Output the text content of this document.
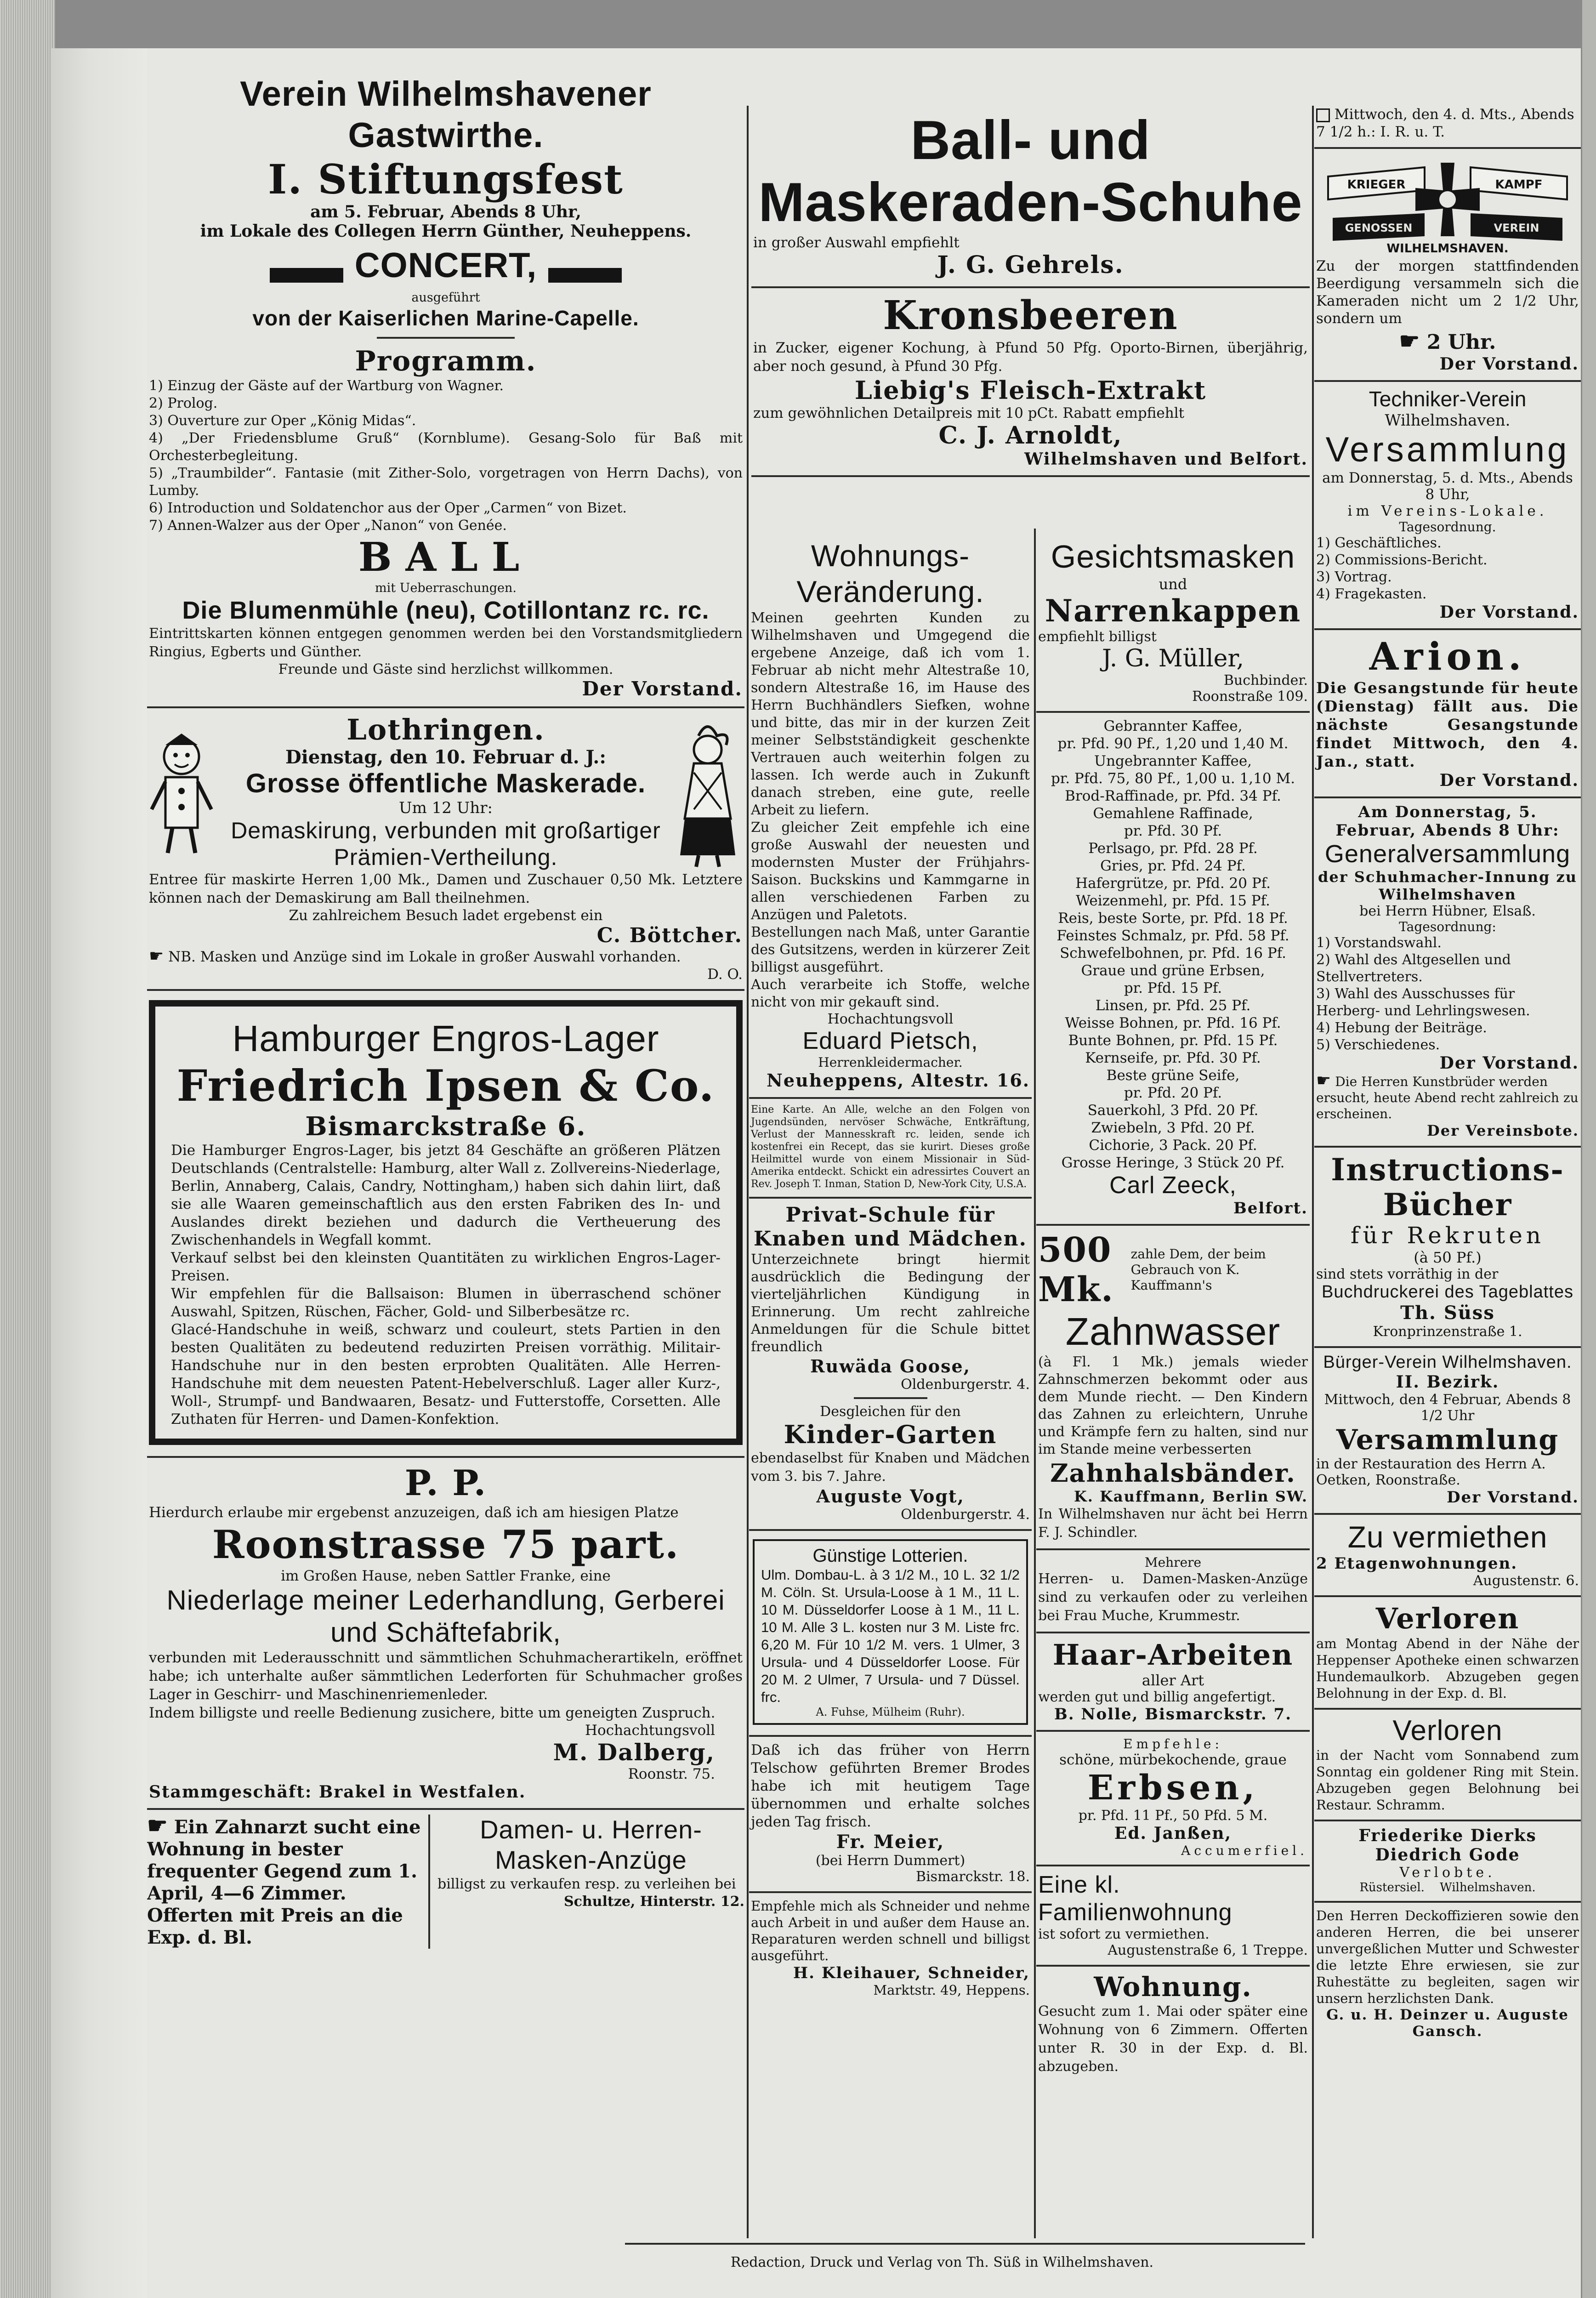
Verein Wilhelmshavener Gastwirthe.
I. Stiftungsfest
am 5. Februar, Abends 8 Uhr,
im Lokale des Collegen Herrn Günther, Neuheppens.
CONCERT,
ausgeführt
von der Kaiserlichen Marine-Capelle.
Programm.

1) Einzug der Gäste auf der Wartburg von Wagner.

2) Prolog.

3) Ouverture zur Oper „König Midas“.

4) „Der Friedensblume Gruß“ (Kornblume). Gesang-Solo für Baß mit Orchesterbegleitung.

5) „Traumbilder“. Fantasie (mit Zither-Solo, vorgetragen von Herrn Dachs), von Lumby.

6) Introduction und Soldatenchor aus der Oper „Carmen“ von Bizet.

7) Annen-Walzer aus der Oper „Nanon“ von Genée.

BALL
mit Ueberraschungen.
Die Blumenmühle (neu), Cotillontanz rc. rc.
Eintrittskarten können entgegen genommen werden bei den Vorstandsmitgliedern Ringius, Egberts und Günther.
Freunde und Gäste sind herzlichst willkommen.
Der Vorstand.
Lothringen.
Dienstag, den 10. Februar d. J.:
Grosse öffentliche Maskerade.
Um 12 Uhr:
Demaskirung, verbunden mit großartiger Prämien-Vertheilung.
Entree für maskirte Herren 1,00 Mk., Damen und Zuschauer 0,50 Mk. Letztere können nach der Demaskirung am Ball theilnehmen.
Zu zahlreichem Besuch ladet ergebenst ein
C. Böttcher.
☛ NB. Masken und Anzüge sind im Lokale in großer Auswahl vorhanden.
D. O.
Hamburger Engros-Lager
Friedrich Ipsen & Co.
Bismarckstraße 6.
Die Hamburger Engros-Lager, bis jetzt 84 Geschäfte an größeren Plätzen Deutschlands (Centralstelle: Hamburg, alter Wall z. Zollvereins-Niederlage, Berlin, Annaberg, Calais, Candry, Nottingham,) haben sich dahin liirt, daß sie alle Waaren gemeinschaftlich aus den ersten Fabriken des In- und Auslandes direkt beziehen und dadurch die Vertheuerung des Zwischenhandels in Wegfall kommt.
Verkauf selbst bei den kleinsten Quantitäten zu wirklichen Engros-Lager-Preisen.
Wir empfehlen für die Ballsaison: Blumen in überraschend schöner Auswahl, Spitzen, Rüschen, Fächer, Gold- und Silberbesätze rc.
Glacé-Handschuhe in weiß, schwarz und couleurt, stets Partien in den besten Qualitäten zu bedeutend reduzirten Preisen vorräthig. Militair-Handschuhe nur in den besten erprobten Qualitäten. Alle Herren-Handschuhe mit dem neuesten Patent-Hebelverschluß. Lager aller Kurz-, Woll-, Strumpf- und Bandwaaren, Besatz- und Futterstoffe, Corsetten. Alle Zuthaten für Herren- und Damen-Konfektion.
P. P.
Hierdurch erlaube mir ergebenst anzuzeigen, daß ich am hiesigen Platze
Roonstrasse 75 part.
im Großen Hause, neben Sattler Franke, eine
Niederlage meiner Lederhandlung, Gerberei und Schäftefabrik,
verbunden mit Lederausschnitt und sämmtlichen Schuhmacherartikeln, eröffnet habe; ich unterhalte außer sämmtlichen Lederforten für Schuhmacher großes Lager in Geschirr- und Maschinenriemenleder.
Indem billigste und reelle Bedienung zusichere, bitte um geneigten Zuspruch.
Hochachtungsvoll
M. Dalberg,
Roonstr. 75.
Stammgeschäft: Brakel in Westfalen.
☛ Ein Zahnarzt sucht eine Wohnung in bester frequenter Gegend zum 1. April, 4—6 Zimmer. Offerten mit Preis an die Exp. d. Bl.
Damen- u. Herren-Masken-Anzüge
billigst zu verkaufen resp. zu verleihen bei
Schultze, Hinterstr. 12.
Ball- und
Maskeraden-Schuhe
in großer Auswahl empfiehlt
J. G. Gehrels.
Kronsbeeren
in Zucker, eigener Kochung, à Pfund 50 Pfg. Oporto-Birnen, überjährig, aber noch gesund, à Pfund 30 Pfg.
Liebig's Fleisch-Extrakt
zum gewöhnlichen Detailpreis mit 10 pCt. Rabatt empfiehlt
C. J. Arnoldt,
Wilhelmshaven und Belfort.
Wohnungs-Veränderung.
Meinen geehrten Kunden zu Wilhelmshaven und Umgegend die ergebene Anzeige, daß ich vom 1. Februar ab nicht mehr Altestraße 10, sondern Altestraße 16, im Hause des Herrn Buchhändlers Siefken, wohne und bitte, das mir in der kurzen Zeit meiner Selbstständigkeit geschenkte Vertrauen auch weiterhin folgen zu lassen. Ich werde auch in Zukunft danach streben, eine gute, reelle Arbeit zu liefern.
Zu gleicher Zeit empfehle ich eine große Auswahl der neuesten und modernsten Muster der Frühjahrs-Saison. Buckskins und Kammgarne in allen verschiedenen Farben zu Anzügen und Paletots.
Bestellungen nach Maß, unter Garantie des Gutsitzens, werden in kürzerer Zeit billigst ausgeführt.
Auch verarbeite ich Stoffe, welche nicht von mir gekauft sind.
Hochachtungsvoll
Eduard Pietsch,
Herrenkleidermacher.
Neuheppens, Altestr. 16.
Eine Karte. An Alle, welche an den Folgen von Jugendsünden, nervöser Schwäche, Entkräftung, Verlust der Mannesskraft rc. leiden, sende ich kostenfrei ein Recept, das sie kurirt. Dieses große Heilmittel wurde von einem Missionair in Süd-Amerika entdeckt. Schickt ein adressirtes Couvert an Rev. Joseph T. Inman, Station D, New-York City, U.S.A.
Privat-Schule für Knaben und Mädchen.
Unterzeichnete bringt hiermit ausdrücklich die Bedingung der vierteljährlichen Kündigung in Erinnerung. Um recht zahlreiche Anmeldungen für die Schule bittet freundlich
Ruwäda Goose,
Oldenburgerstr. 4.
Desgleichen für den
Kinder-Garten
ebendaselbst für Knaben und Mädchen vom 3. bis 7. Jahre.
Auguste Vogt,
Oldenburgerstr. 4.
Günstige Lotterien.
Ulm. Dombau-L. à 3 1/2 M., 10 L. 32 1/2 M. Cöln. St. Ursula-Loose à 1 M., 11 L. 10 M. Düsseldorfer Loose à 1 M., 11 L. 10 M. Alle 3 L. kosten nur 3 M. Liste frc. 6,20 M. Für 10 1/2 M. vers. 1 Ulmer, 3 Ursula- und 4 Düsseldorfer Loose. Für 20 M. 2 Ulmer, 7 Ursula- und 7 Düssel. frc.
A. Fuhse, Mülheim (Ruhr).
Daß ich das früher von Herrn Telschow geführten Bremer Brodes habe ich mit heutigem Tage übernommen und erhalte solches jeden Tag frisch.
Fr. Meier,
(bei Herrn Dummert)
Bismarckstr. 18.
Empfehle mich als Schneider und nehme auch Arbeit in und außer dem Hause an. Reparaturen werden schnell und billigst ausgeführt.
H. Kleihauer, Schneider,
Marktstr. 49, Heppens.
Gesichtsmasken
und
Narrenkappen
empfiehlt billigst
J. G. Müller,
Buchbinder.
Roonstraße 109.
Gebrannter Kaffee,
pr. Pfd. 90 Pf., 1,20 und 1,40 M.
Ungebrannter Kaffee,
pr. Pfd. 75, 80 Pf., 1,00 u. 1,10 M.
Brod-Raffinade, pr. Pfd. 34 Pf.
Gemahlene Raffinade,
pr. Pfd. 30 Pf.
Perlsago, pr. Pfd. 28 Pf.
Gries, pr. Pfd. 24 Pf.
Hafergrütze, pr. Pfd. 20 Pf.
Weizenmehl, pr. Pfd. 15 Pf.
Reis, beste Sorte, pr. Pfd. 18 Pf.
Feinstes Schmalz, pr. Pfd. 58 Pf.
Schwefelbohnen, pr. Pfd. 16 Pf.
Graue und grüne Erbsen,
pr. Pfd. 15 Pf.
Linsen, pr. Pfd. 25 Pf.
Weisse Bohnen, pr. Pfd. 16 Pf.
Bunte Bohnen, pr. Pfd. 15 Pf.
Kernseife, pr. Pfd. 30 Pf.
Beste grüne Seife,
pr. Pfd. 20 Pf.
Sauerkohl, 3 Pfd. 20 Pf.
Zwiebeln, 3 Pfd. 20 Pf.
Cichorie, 3 Pack. 20 Pf.
Grosse Heringe, 3 Stück 20 Pf.
Carl Zeeck,
Belfort.
500 Mk.
zahle Dem, der beim Gebrauch von K. Kauffmann's
Zahnwasser
(à Fl. 1 Mk.) jemals wieder Zahnschmerzen bekommt oder aus dem Munde riecht. — Den Kindern das Zahnen zu erleichtern, Unruhe und Krämpfe fern zu halten, sind nur im Stande meine verbesserten
Zahnhalsbänder.
K. Kauffmann, Berlin SW.
In Wilhelmshaven nur ächt bei Herrn F. J. Schindler.
Mehrere
Herren- u. Damen-Masken-Anzüge sind zu verkaufen oder zu verleihen bei Frau Muche, Krummestr.
Haar-Arbeiten
aller Art
werden gut und billig angefertigt.
B. Nolle, Bismarckstr. 7.
Empfehle:
schöne, mürbekochende, graue
Erbsen,
pr. Pfd. 11 Pf., 50 Pfd. 5 M.
Ed. Janßen,
Accumerfiel.
Eine kl. Familienwohnung
ist sofort zu vermiethen.
Augustenstraße 6, 1 Treppe.
Wohnung.
Gesucht zum 1. Mai oder später eine Wohnung von 6 Zimmern. Offerten unter R. 30 in der Exp. d. Bl. abzugeben.
Mittwoch, den 4. d. Mts., Abends 7 1/2 h.: I. R. u. T.
KRIEGER	KAMPF
GENOSSEN	VEREIN
WILHELMSHAVEN.
Zu der morgen stattfindenden Beerdigung versammeln sich die Kameraden nicht um 2 1/2 Uhr, sondern um
☛ 2 Uhr.
Der Vorstand.
Techniker-Verein
Wilhelmshaven.
Versammlung
am Donnerstag, 5. d. Mts., Abends 8 Uhr,
im Vereins-Lokale.
Tagesordnung.

1) Geschäftliches.

2) Commissions-Bericht.

3) Vortrag.

4) Fragekasten.

Der Vorstand.
Arion.
Die Gesangstunde für heute (Dienstag) fällt aus. Die nächste Gesangstunde findet Mittwoch, den 4. Jan., statt.
Der Vorstand.
Am Donnerstag, 5. Februar, Abends 8 Uhr:
Generalversammlung
der Schuhmacher-Innung zu Wilhelmshaven
bei Herrn Hübner, Elsaß.
Tagesordnung:

1) Vorstandswahl.

2) Wahl des Altgesellen und Stellvertreters.

3) Wahl des Ausschusses für Herberg- und Lehrlingswesen.

4) Hebung der Beiträge.

5) Verschiedenes.

Der Vorstand.
☛ Die Herren Kunstbrüder werden ersucht, heute Abend recht zahlreich zu erscheinen.
Der Vereinsbote.
Instructions-Bücher
für Rekruten
(à 50 Pf.)
sind stets vorräthig in der
Buchdruckerei des Tageblattes
Th. Süss
Kronprinzenstraße 1.
Bürger-Verein Wilhelmshaven.
II. Bezirk.
Mittwoch, den 4 Februar, Abends 8 1/2 Uhr
Versammlung
in der Restauration des Herrn A. Oetken, Roonstraße.
Der Vorstand.
Zu vermiethen
2 Etagenwohnungen.
Augustenstr. 6.
Verloren
am Montag Abend in der Nähe der Heppenser Apotheke einen schwarzen Hundemaulkorb. Abzugeben gegen Belohnung in der Exp. d. Bl.
Verloren
in der Nacht vom Sonnabend zum Sonntag ein goldener Ring mit Stein. Abzugeben gegen Belohnung bei Restaur. Schramm.
Friederike Dierks
Diedrich Gode
Verlobte.
Rüstersiel.    Wilhelmshaven.
Den Herren Deckoffizieren sowie den anderen Herren, die bei unserer unvergeßlichen Mutter und Schwester die letzte Ehre erwiesen, sie zur Ruhestätte zu begleiten, sagen wir unsern herzlichsten Dank.
G. u. H. Deinzer u. Auguste Gansch.
Redaction, Druck und Verlag von Th. Süß in Wilhelmshaven.
